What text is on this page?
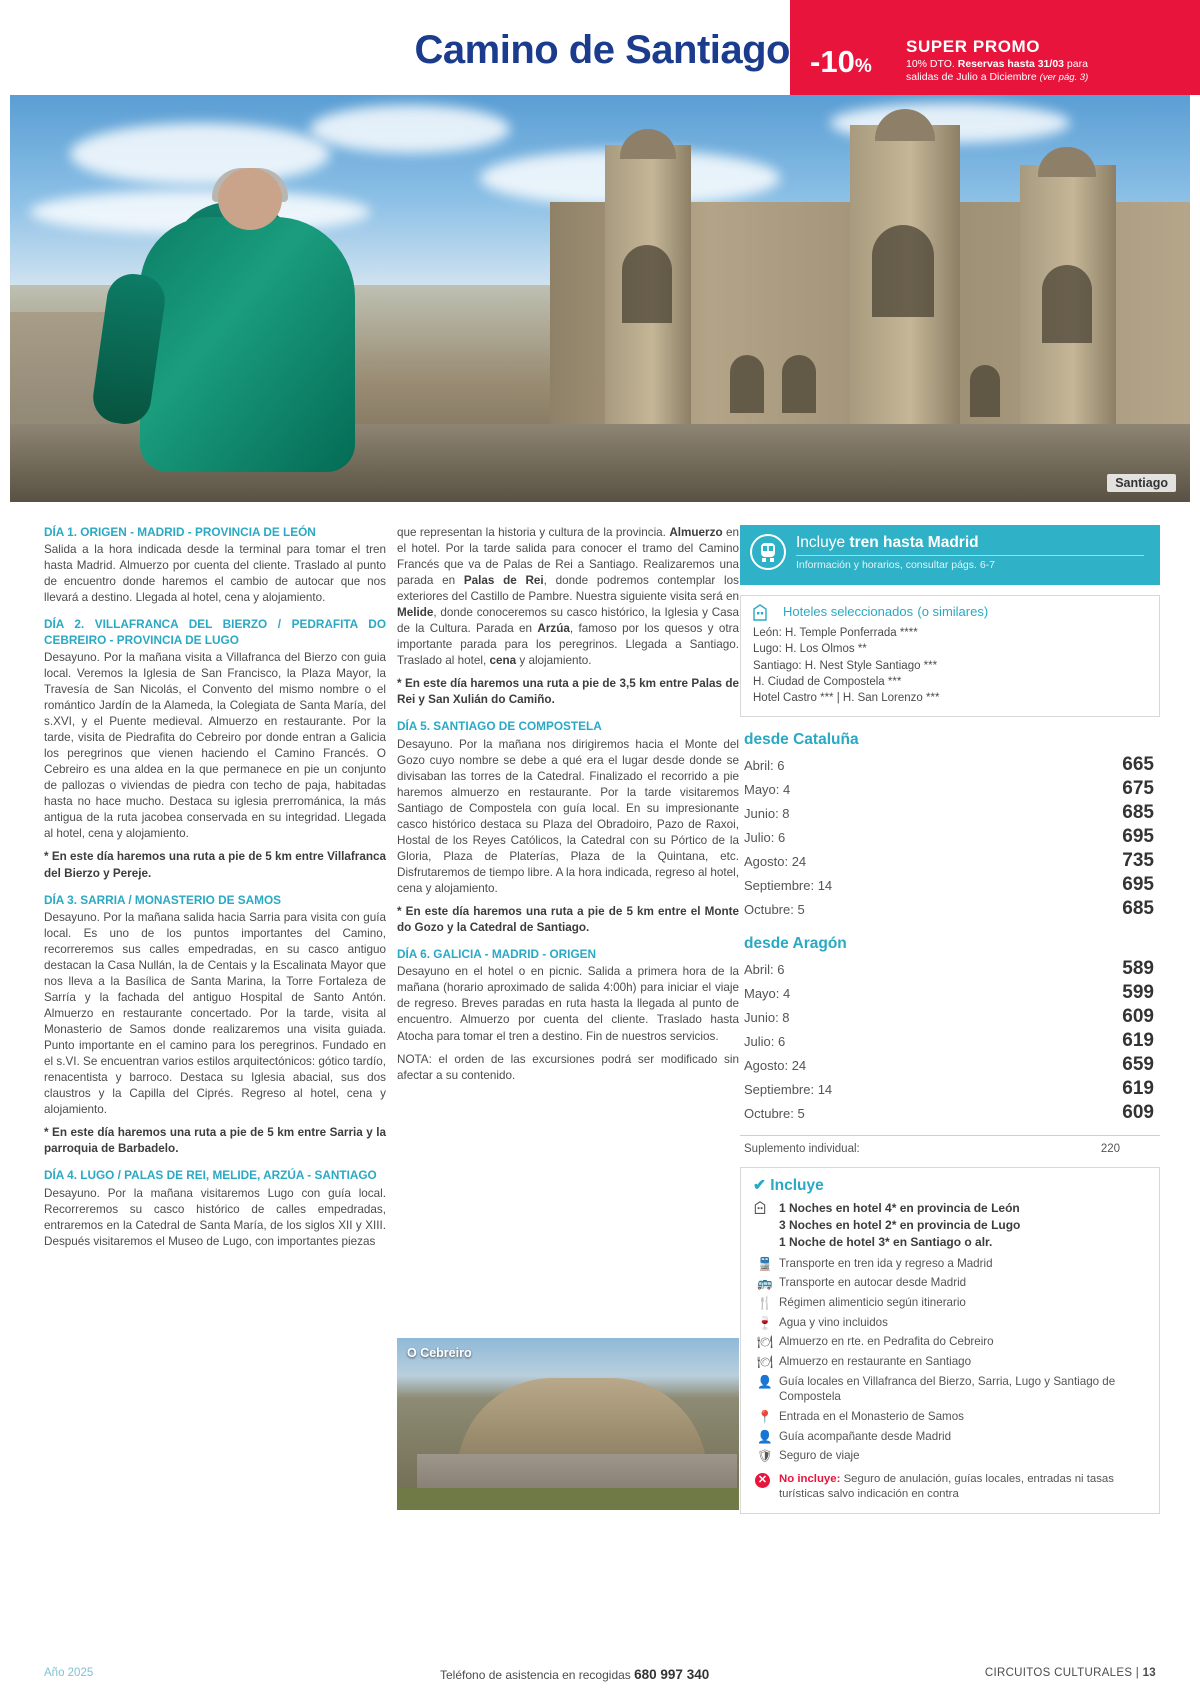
Camino de Santiago -10%
SUPER PROMO
10% DTO. Reservas hasta 31/03 para
salidas de Julio a Diciembre (ver pág. 3)
Santiago
DÍA 1. ORIGEN - MADRID - PROVINCIA DE LEÓN

Salida a la hora indicada desde la terminal para tomar el tren hasta Madrid. Almuerzo por cuenta del cliente. Traslado al punto de encuentro donde haremos el cambio de autocar que nos llevará a destino. Llegada al hotel, cena y alojamiento.

DÍA 2. VILLAFRANCA DEL BIERZO / PEDRAFITA DO CEBREIRO - PROVINCIA DE LUGO

Desayuno. Por la mañana visita a Villafranca del Bierzo con guia local. Veremos la Iglesia de San Francisco, la Plaza Mayor, la Travesía de San Nicolás, el Convento del mismo nombre o el romántico Jardín de la Alameda, la Colegiata de Santa María, del s.XVI, y el Puente medieval. Almuerzo en restaurante. Por la tarde, visita de Piedrafita do Cebreiro por donde entran a Galicia los peregrinos que vienen haciendo el Camino Francés. O Cebreiro es una aldea en la que permanece en pie un conjunto de pallozas o viviendas de piedra con techo de paja, habitadas hasta no hace mucho. Destaca su iglesia prerrománica, la más antigua de la ruta jacobea conservada en su integridad. Llegada al hotel, cena y alojamiento.

* En este día haremos una ruta a pie de 5 km entre Villafranca del Bierzo y Pereje.

DÍA 3. SARRIA / MONASTERIO DE SAMOS

Desayuno. Por la mañana salida hacia Sarria para visita con guía local. Es uno de los puntos importantes del Camino, recorreremos sus calles empedradas, en su casco antiguo destacan la Casa Nullán, la de Centais y la Escalinata Mayor que nos lleva a la Basílica de Santa Marina, la Torre Fortaleza de Sarría y la fachada del antiguo Hospital de Santo Antón. Almuerzo en restaurante concertado. Por la tarde, visita al Monasterio de Samos donde realizaremos una visita guiada. Punto importante en el camino para los peregrinos. Fundado en el s.VI. Se encuentran varios estilos arquitectónicos: gótico tardío, renacentista y barroco. Destaca su Iglesia abacial, sus dos claustros y la Capilla del Ciprés. Regreso al hotel, cena y alojamiento.

* En este día haremos una ruta a pie de 5 km entre Sarria y la parroquia de Barbadelo.

DÍA 4. LUGO / PALAS DE REI, MELIDE, ARZÚA - SANTIAGO

Desayuno. Por la mañana visitaremos Lugo con guía local. Recorreremos su casco histórico de calles empedradas, entraremos en la Catedral de Santa María, de los siglos XII y XIII. Después visitaremos el Museo de Lugo, con importantes piezas

que representan la historia y cultura de la provincia. Almuerzo en el hotel. Por la tarde salida para conocer el tramo del Camino Francés que va de Palas de Rei a Santiago. Realizaremos una parada en Palas de Rei, donde podremos contemplar los exteriores del Castillo de Pambre. Nuestra siguiente visita será en Melide, donde conoceremos su casco histórico, la Iglesia y Casa de la Cultura. Parada en Arzúa, famoso por los quesos y otra importante parada para los peregrinos. Llegada a Santiago. Traslado al hotel, cena y alojamiento.

* En este día haremos una ruta a pie de 3,5 km entre Palas de Rei y San Xulián do Camiño.

DÍA 5. SANTIAGO DE COMPOSTELA

Desayuno. Por la mañana nos dirigiremos hacia el Monte del Gozo cuyo nombre se debe a qué era el lugar desde donde se divisaban las torres de la Catedral. Finalizado el recorrido a pie haremos almuerzo en restaurante. Por la tarde visitaremos Santiago de Compostela con guía local. En su impresionante casco histórico destaca su Plaza del Obradoiro, Pazo de Raxoi, Hostal de los Reyes Católicos, la Catedral con su Pórtico de la Gloria, Plaza de Platerías, Plaza de la Quintana, etc. Disfrutaremos de tiempo libre. A la hora indicada, regreso al hotel, cena y alojamiento.

* En este día haremos una ruta a pie de 5 km entre el Monte do Gozo y la Catedral de Santiago.

DÍA 6. GALICIA - MADRID - ORIGEN

Desayuno en el hotel o en picnic. Salida a primera hora de la mañana (horario aproximado de salida 4:00h) para iniciar el viaje de regreso. Breves paradas en ruta hasta la llegada al punto de encuentro. Almuerzo por cuenta del cliente. Traslado hasta Atocha para tomar el tren a destino. Fin de nuestros servicios.

NOTA: el orden de las excursiones podrá ser modificado sin afectar a su contenido.

O Cebreiro
Incluye tren hasta Madrid
Información y horarios, consultar págs. 6-7
Hoteles seleccionados (o similares)
León: H. Temple Ponferrada ****
Lugo: H. Los Olmos **
Santiago: H. Nest Style Santiago ***
H. Ciudad de Compostela ***
Hotel Castro *** | H. San Lorenzo ***
desde Cataluña
Abril: 6	665
Mayo: 4	675
Junio: 8	685
Julio: 6	695
Agosto: 24	735
Septiembre: 14	695
Octubre: 5	685
desde Aragón
Abril: 6	589
Mayo: 4	599
Junio: 8	609
Julio: 6	619
Agosto: 24	659
Septiembre: 14	619
Octubre: 5	609
Suplemento individual:	220
✔ Incluye
1 Noches en hotel 4* en provincia de León
3 Noches en hotel 2* en provincia de Lugo
1 Noche de hotel 3* en Santiago o alr.
🚆 Transporte en tren ida y regreso a Madrid
🚌 Transporte en autocar desde Madrid
🍴 Régimen alimenticio según itinerario
🍷 Agua y vino incluidos
🍽 Almuerzo en rte. en Pedrafita do Cebreiro
🍽 Almuerzo en restaurante en Santiago
👤 Guía locales en Villafranca del Bierzo, Sarria, Lugo y Santiago de Compostela
📍 Entrada en el Monasterio de Samos
👤 Guía acompañante desde Madrid
🛡 Seguro de viaje
✕ No incluye: Seguro de anulación, guías locales, entradas ni tasas turísticas salvo indicación en contra
Año 2025	Teléfono de asistencia en recogidas 680 997 340	CIRCUITOS CULTURALES | 13
